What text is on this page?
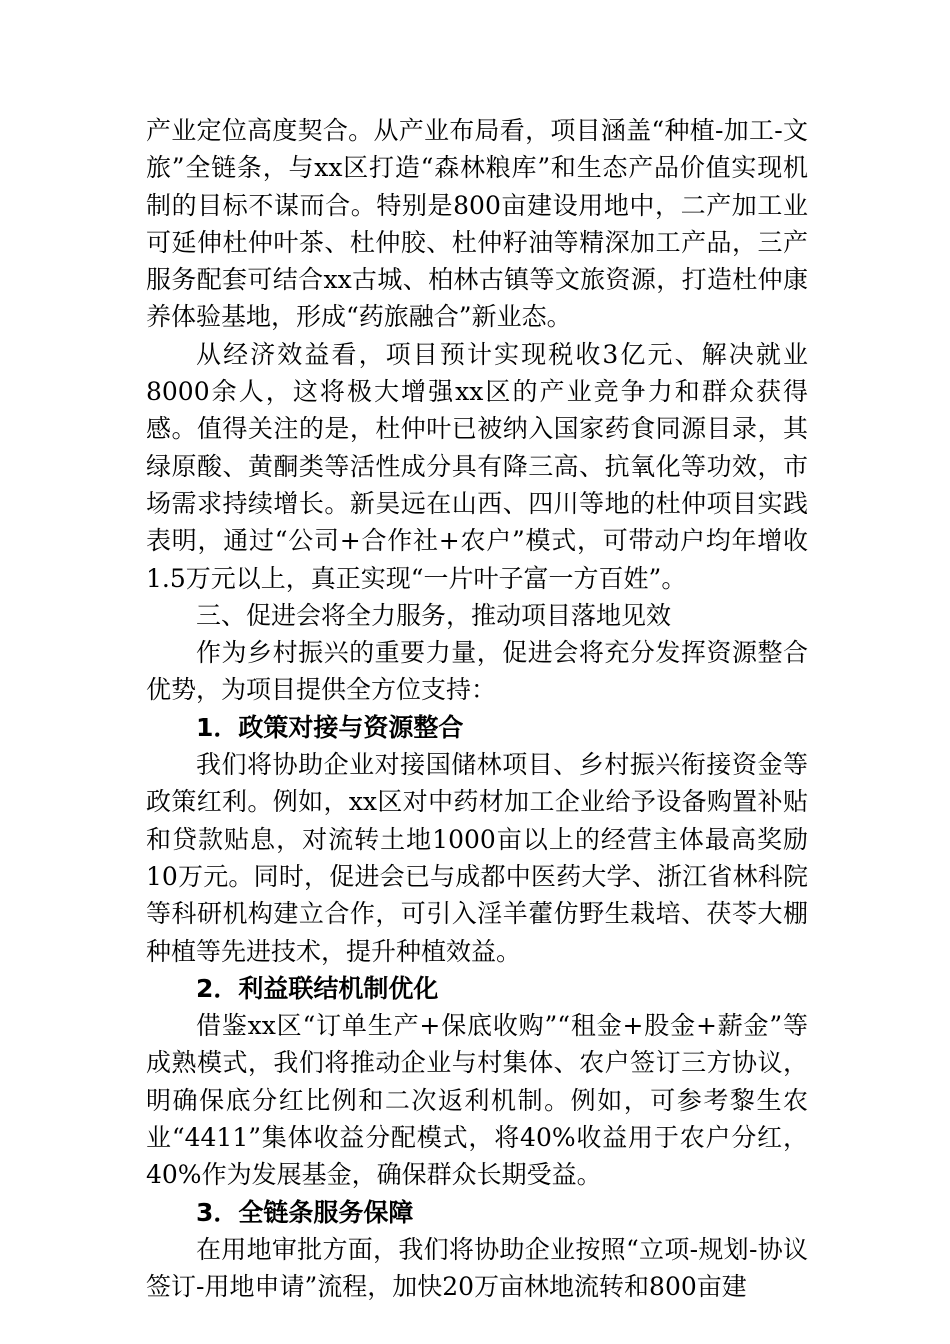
产业定位高度契合。从产业布局看，项目涵盖“种植-加工-文旅”全链条，与xx区打造“森林粮库”和生态产品价值实现机制的目标不谋而合。特别是800亩建设用地中，二产加工业可延伸杜仲叶茶、杜仲胶、杜仲籽油等精深加工产品，三产服务配套可结合xx古城、柏林古镇等文旅资源，打造杜仲康养体验基地，形成“药旅融合”新业态。

从经济效益看，项目预计实现税收3亿元、解决就业8000余人，这将极大增强xx区的产业竞争力和群众获得感。值得关注的是，杜仲叶已被纳入国家药食同源目录，其绿原酸、黄酮类等活性成分具有降三高、抗氧化等功效，市场需求持续增长。新昊远在山西、四川等地的杜仲项目实践表明，通过“公司+合作社+农户”模式，可带动户均年增收1.5万元以上，真正实现“一片叶子富一方百姓”。

三、促进会将全力服务，推动项目落地见效

作为乡村振兴的重要力量，促进会将充分发挥资源整合优势，为项目提供全方位支持：

1．政策对接与资源整合

我们将协助企业对接国储林项目、乡村振兴衔接资金等政策红利。例如，xx区对中药材加工企业给予设备购置补贴和贷款贴息，对流转土地1000亩以上的经营主体最高奖励10万元。同时，促进会已与成都中医药大学、浙江省林科院等科研机构建立合作，可引入淫羊藿仿野生栽培、茯苓大棚种植等先进技术，提升种植效益。

2．利益联结机制优化

借鉴xx区“订单生产+保底收购”“租金+股金+薪金”等成熟模式，我们将推动企业与村集体、农户签订三方协议，明确保底分红比例和二次返利机制。例如，可参考黎生农业“4411”集体收益分配模式，将40%收益用于农户分红，40%作为发展基金，确保群众长期受益。

3．全链条服务保障

在用地审批方面，我们将协助企业按照“立项-规划-协议签订-用地申请”流程，加快20万亩林地流转和800亩建
